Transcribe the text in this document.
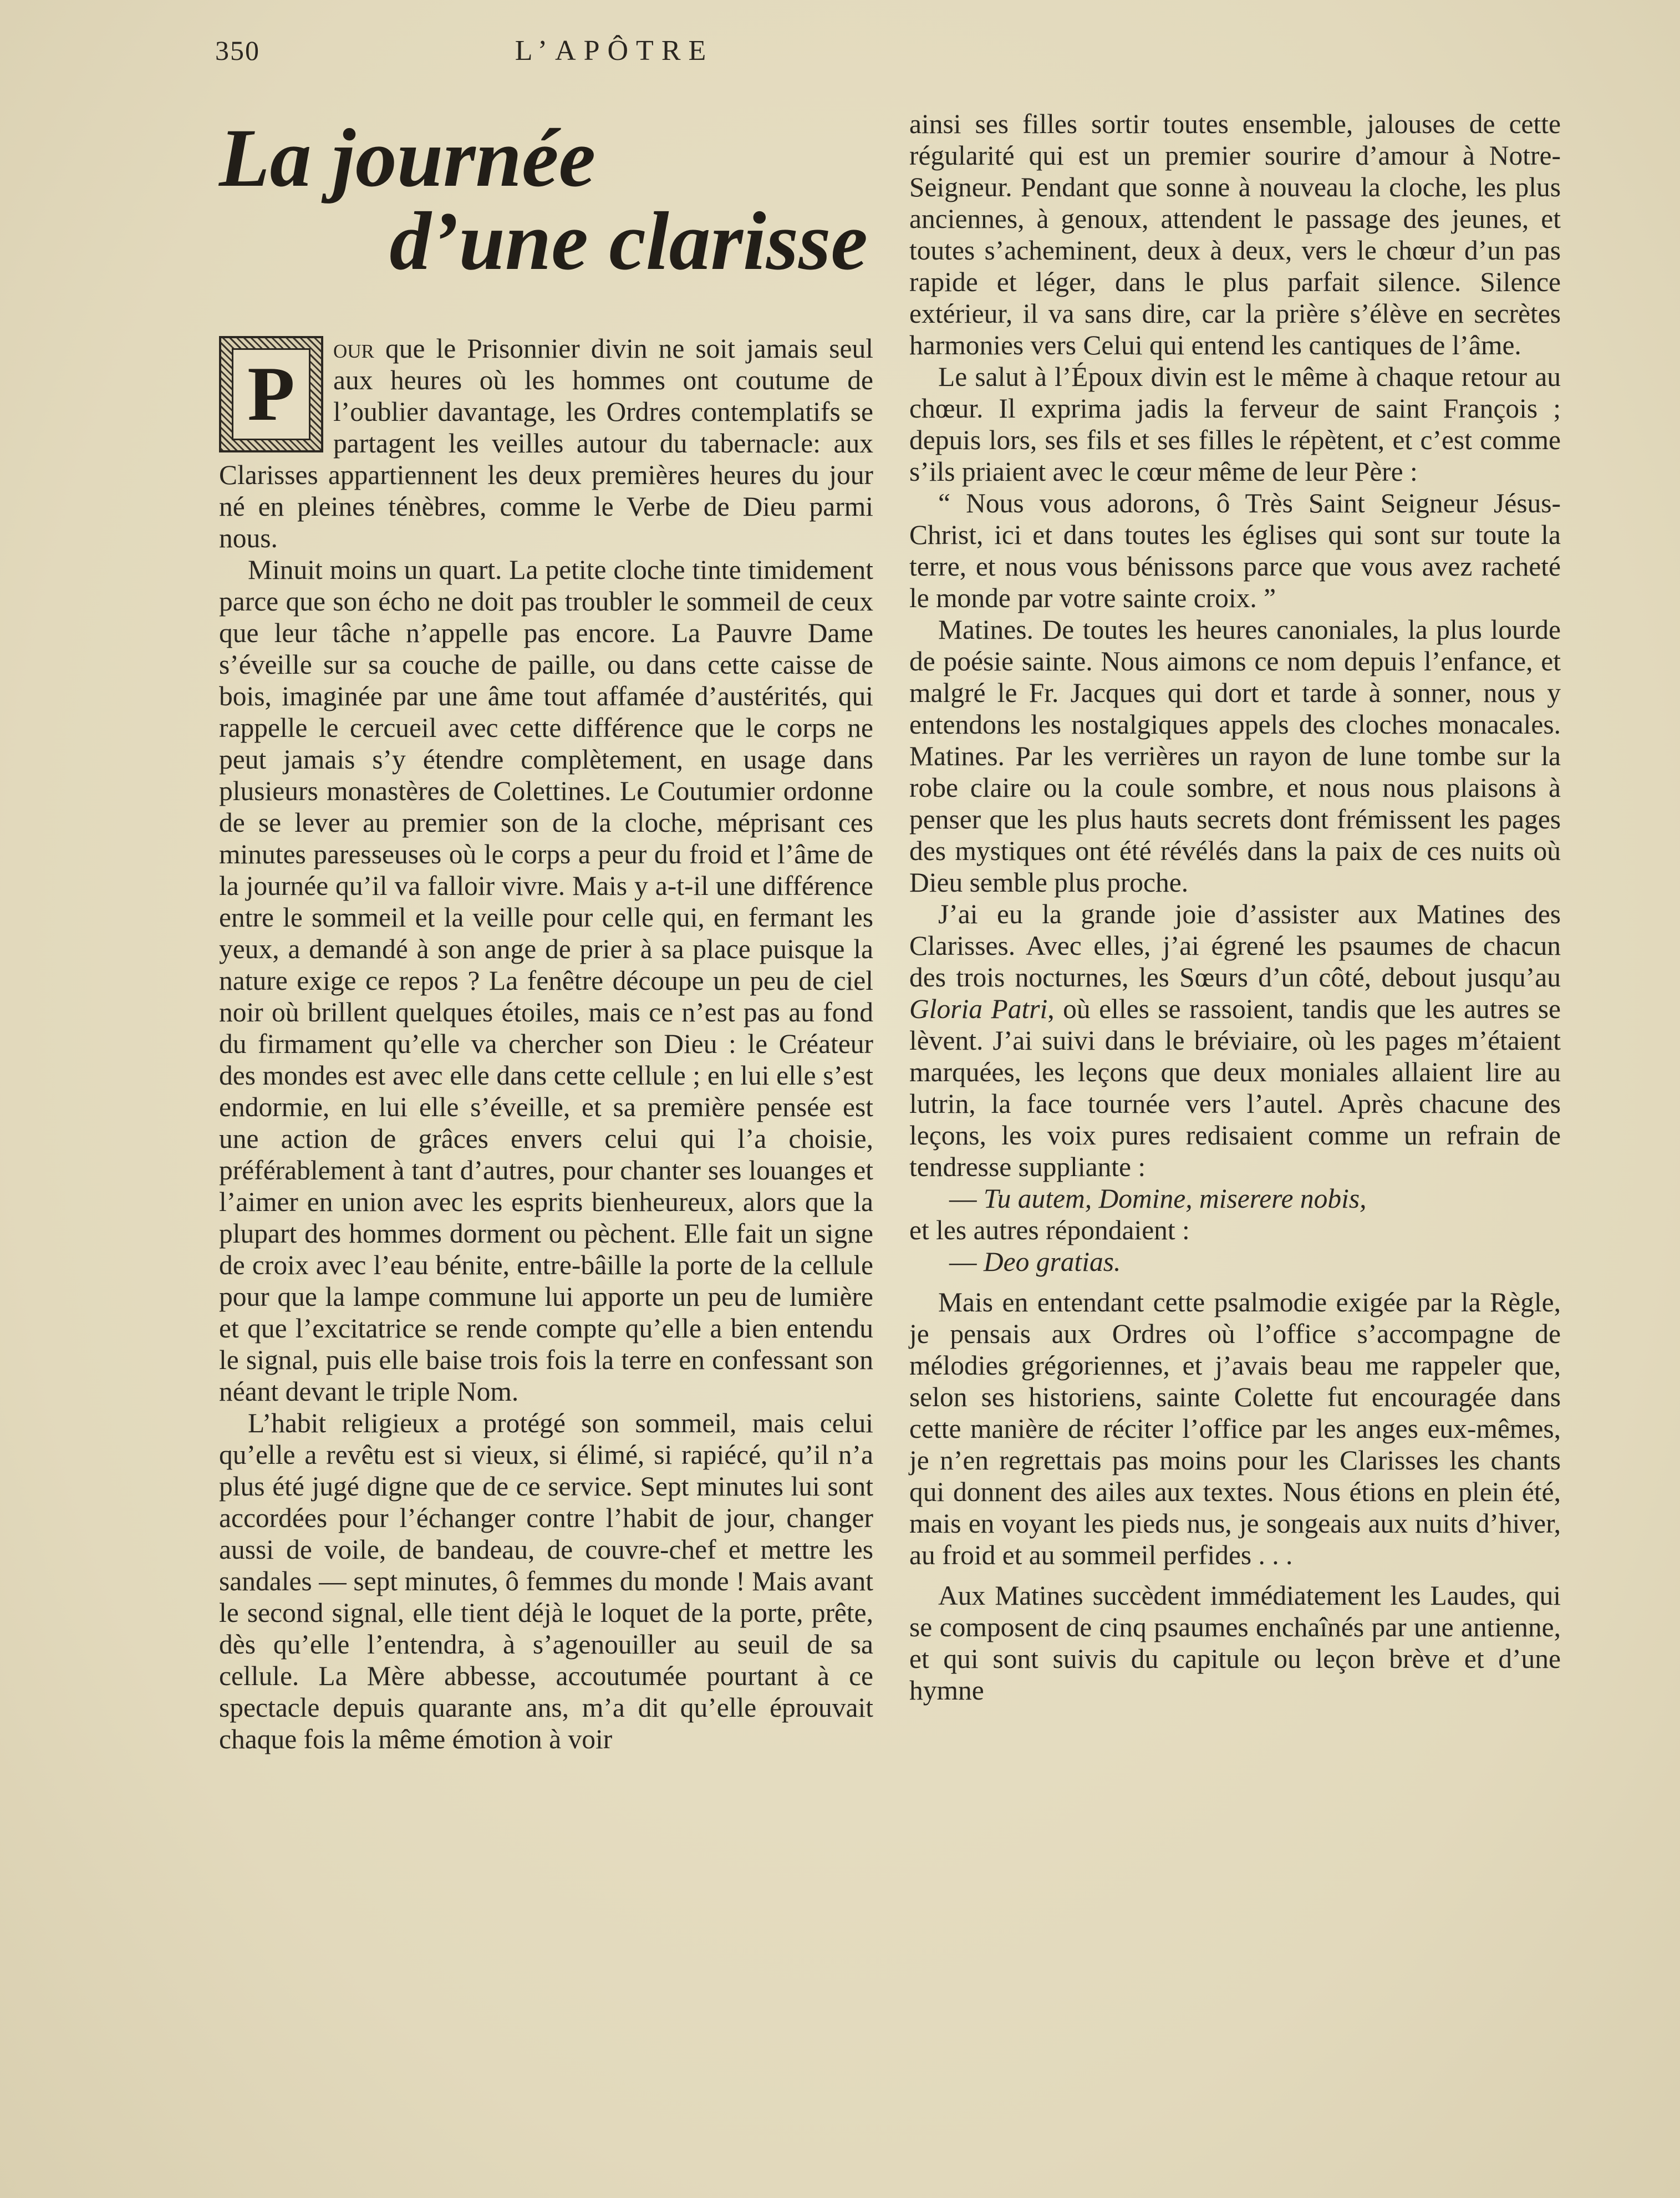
350	L’APÔTRE
La journée
d’une clarisse

P
our que le Prisonnier divin ne soit jamais seul aux heures où les hommes ont coutume de l’oublier davantage, les Ordres contemplatifs se partagent les veilles autour du tabernacle: aux Clarisses appartiennent les deux premières heures du jour né en pleines ténèbres, comme le Verbe de Dieu parmi nous.

Minuit moins un quart. La petite cloche tinte timidement parce que son écho ne doit pas troubler le sommeil de ceux que leur tâche n’appelle pas encore. La Pauvre Dame s’éveille sur sa couche de paille, ou dans cette caisse de bois, imaginée par une âme tout affamée d’austérités, qui rappelle le cercueil avec cette différence que le corps ne peut jamais s’y étendre complètement, en usage dans plusieurs monastères de Colettines. Le Coutumier ordonne de se lever au premier son de la cloche, méprisant ces minutes paresseuses où le corps a peur du froid et l’âme de la journée qu’il va falloir vivre. Mais y a-t-il une différence entre le sommeil et la veille pour celle qui, en fermant les yeux, a demandé à son ange de prier à sa place puisque la nature exige ce repos ? La fenêtre découpe un peu de ciel noir où brillent quelques étoiles, mais ce n’est pas au fond du firmament qu’elle va chercher son Dieu : le Créateur des mondes est avec elle dans cette cellule ; en lui elle s’est endormie, en lui elle s’éveille, et sa première pensée est une action de grâces envers celui qui l’a choisie, préférablement à tant d’autres, pour chanter ses louanges et l’aimer en union avec les esprits bienheureux, alors que la plupart des hommes dorment ou pèchent. Elle fait un signe de croix avec l’eau bénite, entre-bâille la porte de la cellule pour que la lampe commune lui apporte un peu de lumière et que l’excitatrice se rende compte qu’elle a bien entendu le signal, puis elle baise trois fois la terre en confessant son néant devant le triple Nom.

L’habit religieux a protégé son sommeil, mais celui qu’elle a revêtu est si vieux, si élimé, si rapiécé, qu’il n’a plus été jugé digne que de ce service. Sept minutes lui sont accordées pour l’échanger contre l’habit de jour, changer aussi de voile, de bandeau, de couvre-chef et mettre les sandales — sept minutes, ô femmes du monde ! Mais avant le second signal, elle tient déjà le loquet de la porte, prête, dès qu’elle l’entendra, à s’agenouiller au seuil de sa cellule. La Mère abbesse, accoutumée pourtant à ce spectacle depuis quarante ans, m’a dit qu’elle éprouvait chaque fois la même émotion à voir

ainsi ses filles sortir toutes ensemble, jalouses de cette régularité qui est un premier sourire d’amour à Notre-Seigneur. Pendant que sonne à nouveau la cloche, les plus anciennes, à genoux, attendent le passage des jeunes, et toutes s’acheminent, deux à deux, vers le chœur d’un pas rapide et léger, dans le plus parfait silence. Silence extérieur, il va sans dire, car la prière s’élève en secrètes harmonies vers Celui qui entend les cantiques de l’âme.

Le salut à l’Époux divin est le même à chaque retour au chœur. Il exprima jadis la ferveur de saint François ; depuis lors, ses fils et ses filles le répètent, et c’est comme s’ils priaient avec le cœur même de leur Père :

“ Nous vous adorons, ô Très Saint Seigneur Jésus-Christ, ici et dans toutes les églises qui sont sur toute la terre, et nous vous bénissons parce que vous avez racheté le monde par votre sainte croix. ”

Matines. De toutes les heures canoniales, la plus lourde de poésie sainte. Nous aimons ce nom depuis l’enfance, et malgré le Fr. Jacques qui dort et tarde à sonner, nous y entendons les nostalgiques appels des cloches monacales. Matines. Par les verrières un rayon de lune tombe sur la robe claire ou la coule sombre, et nous nous plaisons à penser que les plus hauts secrets dont frémissent les pages des mystiques ont été révélés dans la paix de ces nuits où Dieu semble plus proche.

J’ai eu la grande joie d’assister aux Matines des Clarisses. Avec elles, j’ai égrené les psaumes de chacun des trois nocturnes, les Sœurs d’un côté, debout jusqu’au Gloria Patri, où elles se rassoient, tandis que les autres se lèvent. J’ai suivi dans le bréviaire, où les pages m’étaient marquées, les leçons que deux moniales allaient lire au lutrin, la face tournée vers l’autel. Après chacune des leçons, les voix pures redisaient comme un refrain de tendresse suppliante :

— Tu autem, Domine, miserere nobis,

et les autres répondaient :

— Deo gratias.

Mais en entendant cette psalmodie exigée par la Règle, je pensais aux Ordres où l’office s’accompagne de mélodies grégoriennes, et j’avais beau me rappeler que, selon ses historiens, sainte Colette fut encouragée dans cette manière de réciter l’office par les anges eux-mêmes, je n’en regrettais pas moins pour les Clarisses les chants qui donnent des ailes aux textes. Nous étions en plein été, mais en voyant les pieds nus, je songeais aux nuits d’hiver, au froid et au sommeil perfides . . .

Aux Matines succèdent immédiatement les Laudes, qui se composent de cinq psaumes enchaînés par une antienne, et qui sont suivis du capitule ou leçon brève et d’une hymne
